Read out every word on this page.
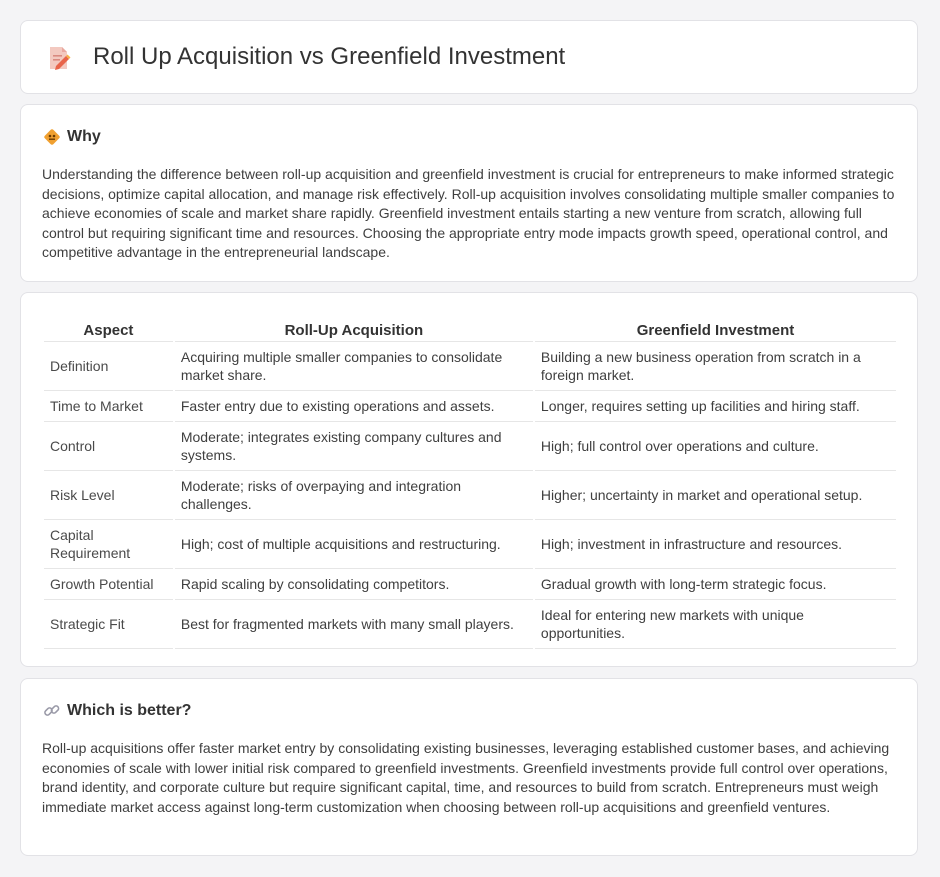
Roll Up Acquisition vs Greenfield Investment
Why

Understanding the difference between roll-up acquisition and greenfield investment is crucial for entrepreneurs to make informed strategic decisions, optimize capital allocation, and manage risk effectively. Roll-up acquisition involves consolidating multiple smaller companies to achieve economies of scale and market share rapidly. Greenfield investment entails starting a new venture from scratch, allowing full control but requiring significant time and resources. Choosing the appropriate entry mode impacts growth speed, operational control, and competitive advantage in the entrepreneurial landscape.

Aspect	Roll-Up Acquisition	Greenfield Investment
Definition	Acquiring multiple smaller companies to consolidate market share.	Building a new business operation from scratch in a foreign market.
Time to Market	Faster entry due to existing operations and assets.	Longer, requires setting up facilities and hiring staff.
Control	Moderate; integrates existing company cultures and systems.	High; full control over operations and culture.
Risk Level	Moderate; risks of overpaying and integration challenges.	Higher; uncertainty in market and operational setup.
Capital Requirement	High; cost of multiple acquisitions and restructuring.	High; investment in infrastructure and resources.
Growth Potential	Rapid scaling by consolidating competitors.	Gradual growth with long-term strategic focus.
Strategic Fit	Best for fragmented markets with many small players.	Ideal for entering new markets with unique opportunities.
Which is better?

Roll-up acquisitions offer faster market entry by consolidating existing businesses, leveraging established customer bases, and achieving economies of scale with lower initial risk compared to greenfield investments. Greenfield investments provide full control over operations, brand identity, and corporate culture but require significant capital, time, and resources to build from scratch. Entrepreneurs must weigh immediate market access against long-term customization when choosing between roll-up acquisitions and greenfield ventures.
